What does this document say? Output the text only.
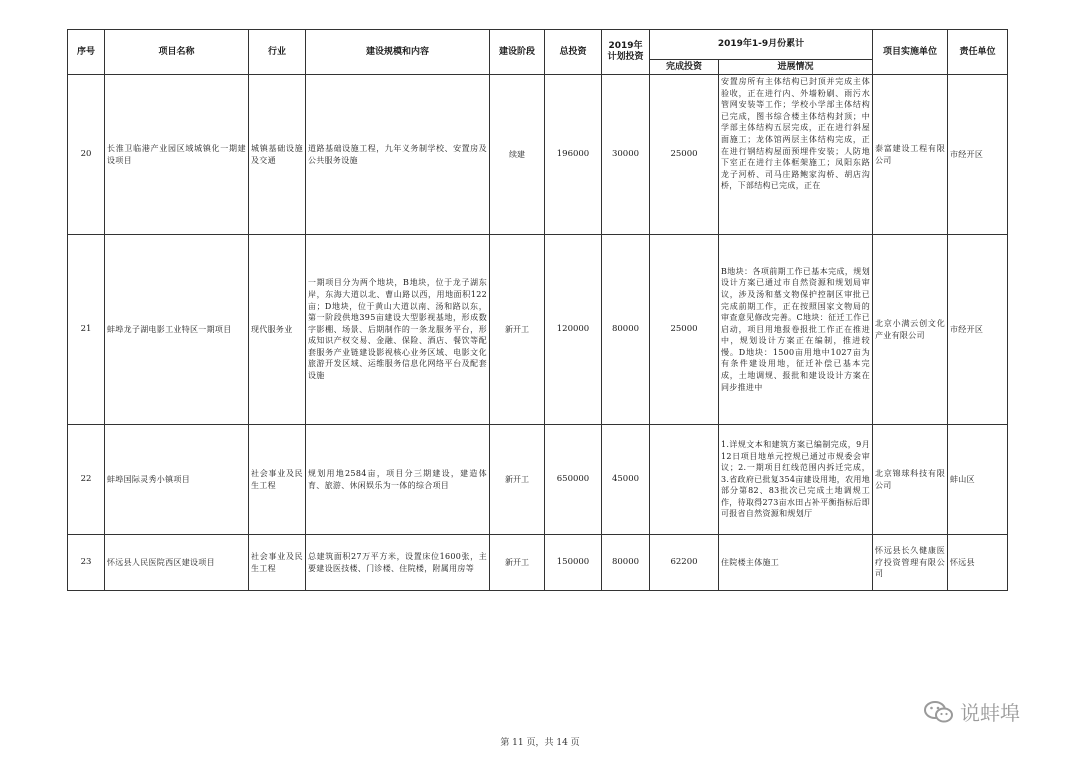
序号	项目名称	行业	建设规模和内容	建设阶段	总投资	2019年计划投资	2019年1-9月份累计		项目实施单位	责任单位
							完成投资	进展情况		
20	长淮卫临港产业园区域城镇化一期建设项目	城镇基础设施及交通	道路基础设施工程，九年义务制学校、安置房及公共服务设施	续建	196000	30000	25000	安置房所有主体结构已封顶并完成主体验收，正在进行内、外墙粉刷、雨污水管网安装等工作；学校小学部主体结构已完成，图书综合楼主体结构封顶；中学部主体结构五层完成，正在进行斜屋面施工；龙体馆两层主体结构完成，正在进行钢结构屋面预埋件安装；人防地下室正在进行主体框架施工；凤阳东路龙子河桥、司马庄路鲍家沟桥、胡店沟桥，下部结构已完成，正在	泰富建设工程有限公司	市经开区
21	蚌埠龙子湖电影工业特区一期项目	现代服务业	一期项目分为两个地块，B地块，位于龙子湖东岸，东海大道以北、曹山路以西，用地面积122亩；D地块，位于黄山大道以南、汤和路以东，第一阶段供地395亩建设大型影视基地，形成数字影棚、场景、后期制作的一条龙服务平台，形成知识产权交易、金融、保险、酒店、餐饮等配套服务产业链建设影视核心业务区域、电影文化旅游开发区域、运维服务信息化网络平台及配套设施	新开工	120000	80000	25000	B地块：各项前期工作已基本完成，规划设计方案已通过市自然资源和规划局审议，涉及汤和墓文物保护控制区审批已完成前期工作，正在按照国家文物局的审查意见修改完善。C地块：征迁工作已启动，项目用地报卷报批工作正在推进中，规划设计方案正在编制，推进较慢。D地块：1500亩用地中1027亩为有条件建设用地，征迁补偿已基本完成，土地调规、报批和建设设计方案在同步推进中	北京小满云创文化产业有限公司	市经开区
22	蚌埠国际灵秀小镇项目	社会事业及民生工程	规划用地2584亩，项目分三期建设，建造体育、旅游、休闲娱乐为一体的综合项目	新开工	650000	45000		1.详规文本和建筑方案已编制完成，9月12日项目地单元控规已通过市规委会审议；2.一期项目红线范围内拆迁完成，3.省政府已批复354亩建设用地，农用地部分第82、83批次已完成土地调规工作，待取得273亩水田占补平衡指标后即可报省自然资源和规划厅	北京锦球科技有限公司	蚌山区
23	怀远县人民医院西区建设项目	社会事业及民生工程	总建筑面积27万平方米，设置床位1600张，主要建设医技楼、门诊楼、住院楼，附属用房等	新开工	150000	80000	62200	住院楼主体施工	怀远县长久健康医疗投资管理有限公司	怀远县
说蚌埠
第 11 页，共 14 页
